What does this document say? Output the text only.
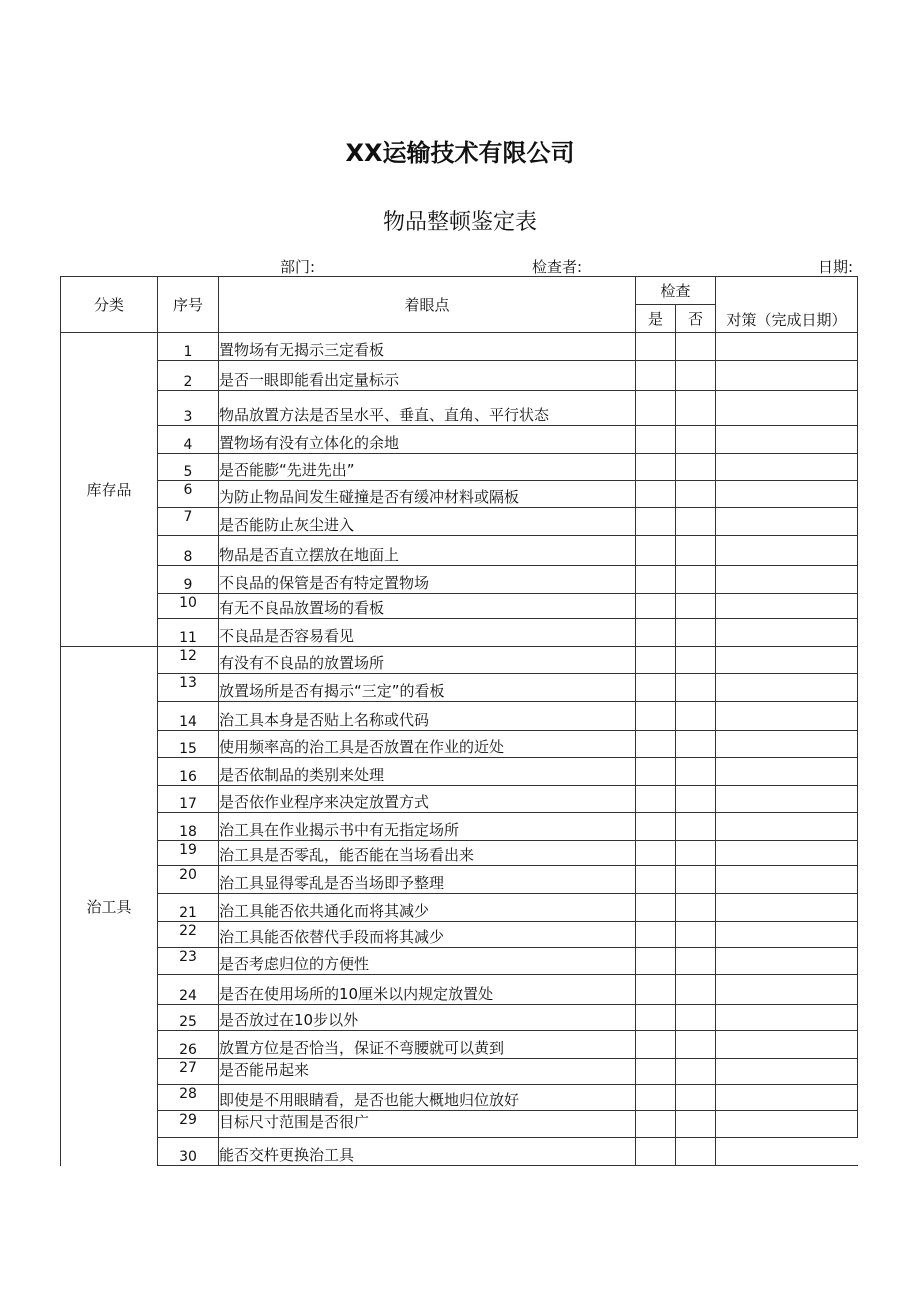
XX运输技术有限公司
物品整顿鉴定表
部门:	检查者:	日期:
分类	序号	着眼点	检查		对策（完成日期）
			是	否	
库存品	1	置物场有无揭示三定看板			
	2	是否一眼即能看出定量标示			
	3	物品放置方法是否呈水平、垂直、直角、平行状态			
	4	置物场有没有立体化的余地			
	5	是否能膨“先进先出”			
	6	为防止物品间发生碰撞是否有缓冲材料或隔板			
	7	是否能防止灰尘进入			
	8	物品是否直立摆放在地面上			
	9	不良品的保管是否有特定置物场			
	10	有无不良品放置场的看板			
	11	不良品是否容易看见			
治工具	12	有没有不良品的放置场所			
	13	放置场所是否有揭示“三定”的看板			
	14	治工具本身是否贴上名称或代码			
	15	使用频率高的治工具是否放置在作业的近处			
	16	是否依制品的类别来处理			
	17	是否依作业程序来决定放置方式			
	18	治工具在作业揭示书中有无指定场所			
	19	治工具是否零乱，能否能在当场看出来			
	20	治工具显得零乱是否当场即予整理			
	21	治工具能否依共通化而将其减少			
	22	治工具能否依替代手段而将其减少			
	23	是否考虑归位的方便性			
	24	是否在使用场所的10厘米以内规定放置处			
	25	是否放过在10步以外			
	26	放置方位是否恰当，保证不弯腰就可以黄到			
	27	是否能吊起来			
	28	即使是不用眼睛看，是否也能大概地归位放好			
	29	目标尺寸范围是否很广			
	30	能否交杵更换治工具			
